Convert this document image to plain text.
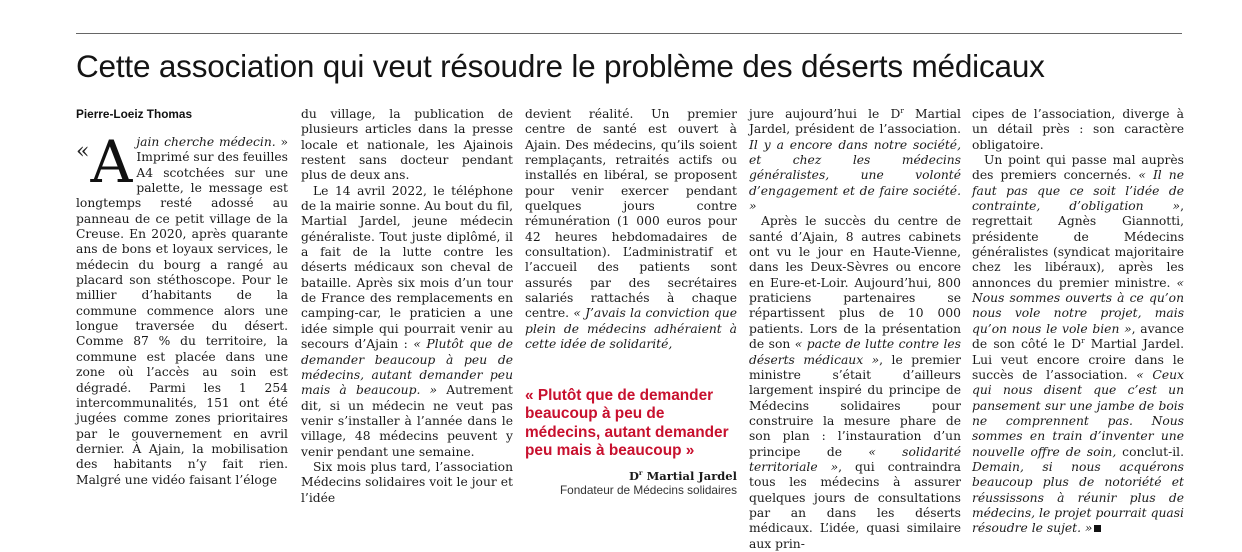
Cette association qui veut résoudre le problème des déserts médicaux
Pierre-Loeiz Thomas
« A jain cherche médecin. » Imprimé sur des feuilles A4 scotchées sur une palette, le message est longtemps resté adossé au panneau de ce petit village de la Creuse. En 2020, après quarante ans de bons et loyaux services, le médecin du bourg a rangé au placard son stéthoscope. Pour le millier d’habitants de la commune commence alors une longue traversée du désert. Comme 87 % du territoire, la commune est placée dans une zone où l’accès au soin est dégradé. Parmi les 1 254 intercommunalités, 151 ont été jugées comme zones prioritaires par le gouvernement en avril dernier. À Ajain, la mobilisation des habitants n’y fait rien. Malgré une vidéo faisant l’éloge

du village, la publication de plusieurs articles dans la presse locale et nationale, les Ajainois restent sans docteur pendant plus de deux ans.

Le 14 avril 2022, le téléphone de la mairie sonne. Au bout du fil, Martial Jardel, jeune médecin généraliste. Tout juste diplômé, il a fait de la lutte contre les déserts médicaux son cheval de bataille. Après six mois d’un tour de France des remplacements en camping-car, le praticien a une idée simple qui pourrait venir au secours d’Ajain : « Plutôt que de demander beaucoup à peu de médecins, autant demander peu mais à beaucoup. » Autrement dit, si un médecin ne veut pas venir s’installer à l’année dans le village, 48 médecins peuvent y venir pendant une semaine.

Six mois plus tard, l’association Médecins solidaires voit le jour et l’idée

devient réalité. Un premier centre de santé est ouvert à Ajain. Des médecins, qu’ils soient remplaçants, retraités actifs ou installés en libéral, se proposent pour venir exercer pendant quelques jours contre rémunération (1 000 euros pour 42 heures hebdomadaires de consultation). L’administratif et l’accueil des patients sont assurés par des secrétaires salariés rattachés à chaque centre. « J’avais la conviction que plein de médecins adhéraient à cette idée de solidarité,

« Plutôt que de demander beaucoup à peu de médecins, autant demander peu mais à beaucoup »

$D^r$ Martial Jardel

Fondateur de Médecins solidaires

jure aujourd’hui le $D^r$ Martial Jardel, président de l’association. Il y a encore dans notre société, et chez les médecins généralistes, une volonté d’engagement et de faire société. »

Après le succès du centre de santé d’Ajain, 8 autres cabinets ont vu le jour en Haute-Vienne, dans les Deux-Sèvres ou encore en Eure-et-Loir. Aujourd’hui, 800 praticiens partenaires se répartissent plus de 10 000 patients. Lors de la présentation de son « pacte de lutte contre les déserts médicaux », le premier ministre s’était d’ailleurs largement inspiré du principe de Médecins solidaires pour construire la mesure phare de son plan : l’instauration d’un principe de « solidarité territoriale », qui contraindra tous les médecins à assurer quelques jours de consultations par an dans les déserts médicaux. L’idée, quasi similaire aux prin-

cipes de l’association, diverge à un détail près : son caractère obligatoire.

Un point qui passe mal auprès des premiers concernés. « Il ne faut pas que ce soit l’idée de contrainte, d’obligation », regrettait Agnès Giannotti, présidente de Médecins généralistes (syndicat majoritaire chez les libéraux), après les annonces du premier ministre. « Nous sommes ouverts à ce qu’on nous vole notre projet, mais qu’on nous le vole bien », avance de son côté le $D^r$ Martial Jardel. Lui veut encore croire dans le succès de l’association. « Ceux qui nous disent que c’est un pansement sur une jambe de bois ne comprennent pas. Nous sommes en train d’inventer une nouvelle offre de soin, conclut-il. Demain, si nous acquérons beaucoup plus de notoriété et réussissons à réunir plus de médecins, le projet pourrait quasi résoudre le sujet. »
